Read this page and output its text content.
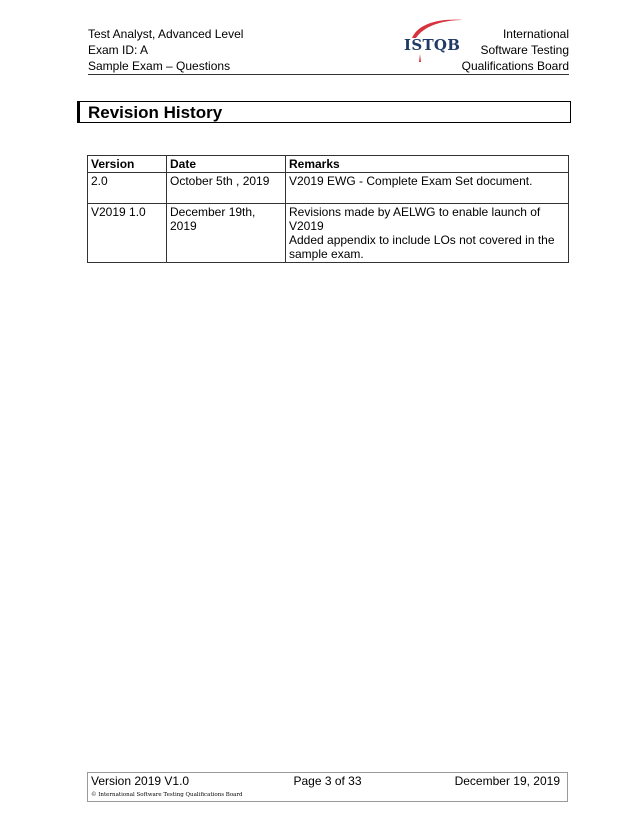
Test Analyst, Advanced Level
Exam ID: A
Sample Exam – Questions
ISTQB
International
Software Testing
Qualifications Board
Revision History
Version	Date	Remarks
2.0	October 5th , 2019	V2019 EWG - Complete Exam Set document.

V2019 1.0	December 19th, 2019	Revisions made by AELWG to enable launch of V2019
Added appendix to include LOs not covered in the sample exam.
Page 3 of 33
Version 2019 V1.0	December 19, 2019
© International Software Testing Qualifications Board
